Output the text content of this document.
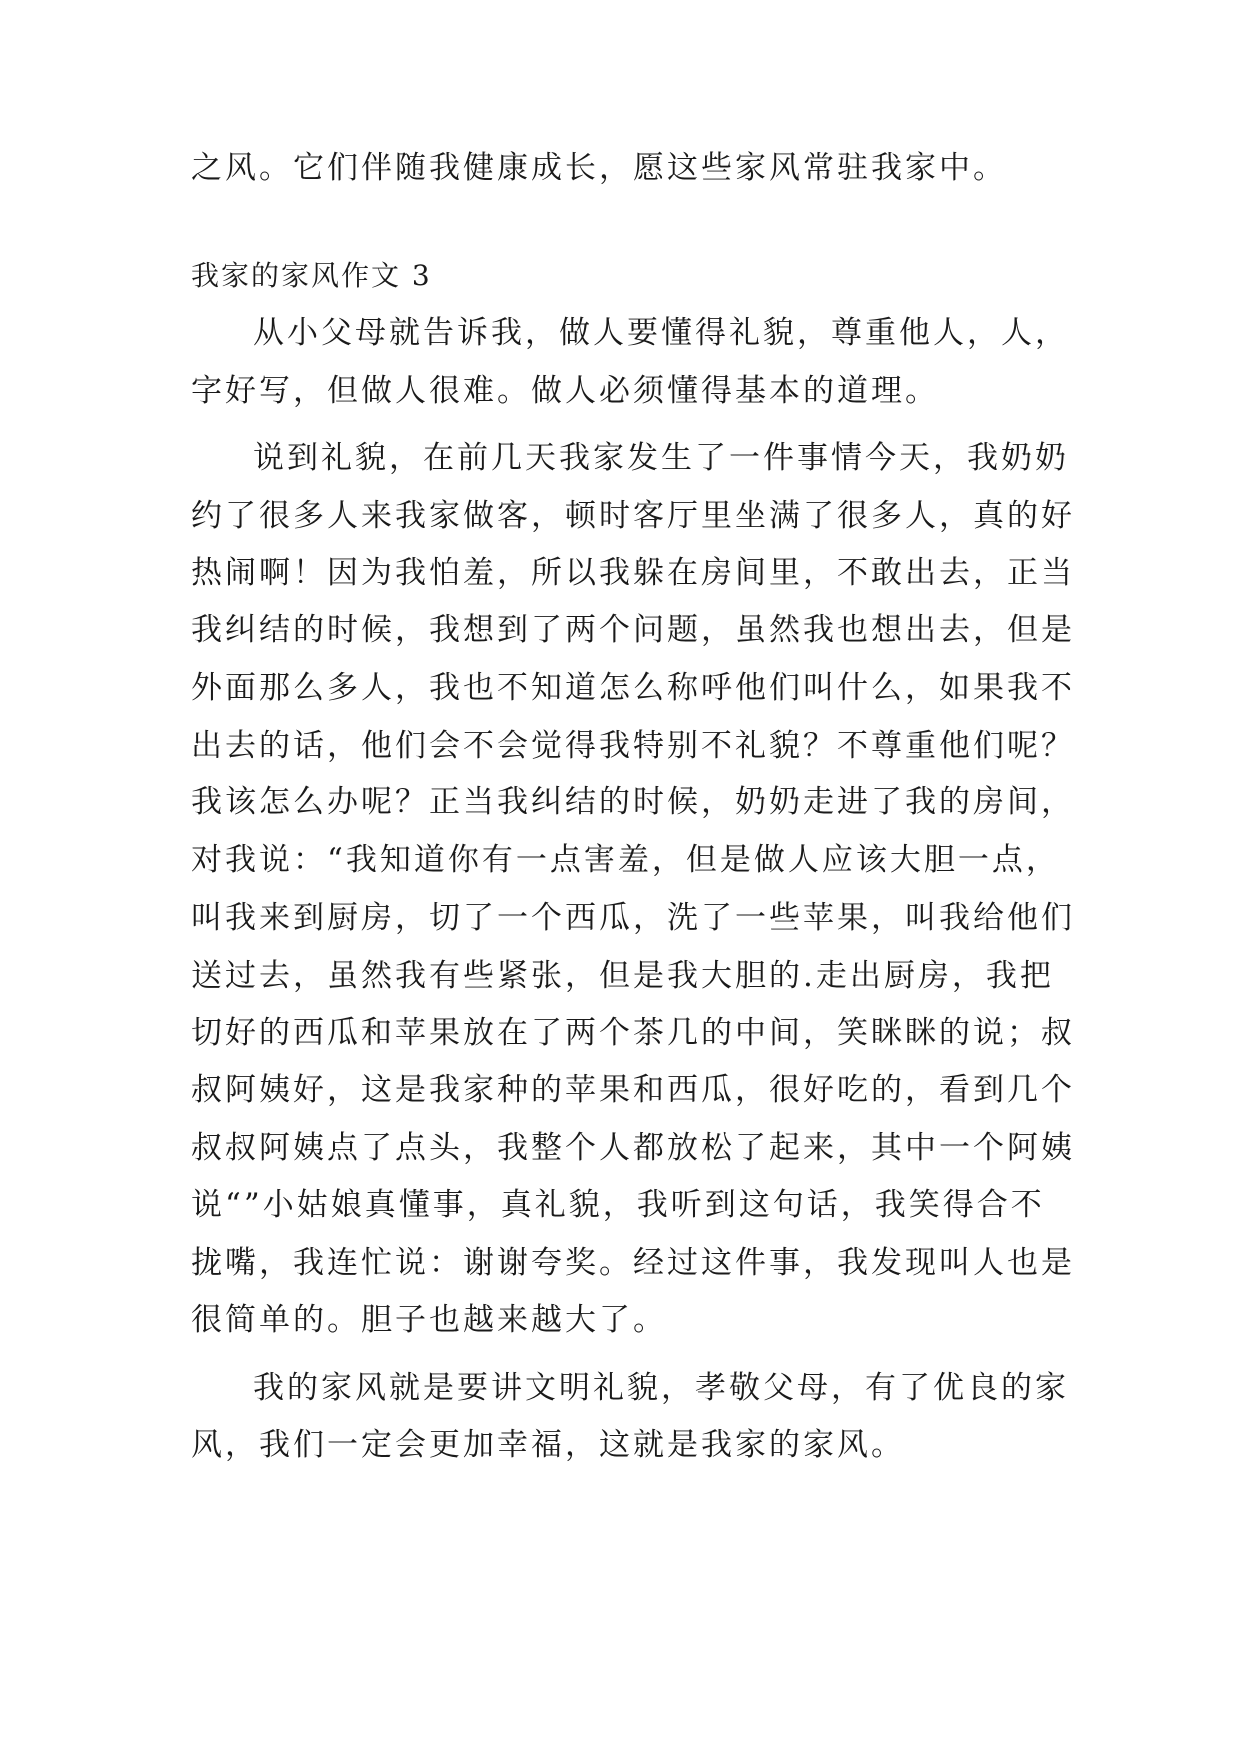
之风。它们伴随我健康成长，愿这些家风常驻我家中。
我家的家风作文 3
从小父母就告诉我，做人要懂得礼貌，尊重他人，人，
字好写，但做人很难。做人必须懂得基本的道理。
说到礼貌，在前几天我家发生了一件事情今天，我奶奶
约了很多人来我家做客，顿时客厅里坐满了很多人，真的好
热闹啊！因为我怕羞，所以我躲在房间里，不敢出去，正当
我纠结的时候，我想到了两个问题，虽然我也想出去，但是
外面那么多人，我也不知道怎么称呼他们叫什么，如果我不
出去的话，他们会不会觉得我特别不礼貌？不尊重他们呢？
我该怎么办呢？正当我纠结的时候，奶奶走进了我的房间，
对我说：“我知道你有一点害羞，但是做人应该大胆一点，
叫我来到厨房，切了一个西瓜，洗了一些苹果，叫我给他们
送过去，虽然我有些紧张，但是我大胆的.走出厨房，我把
切好的西瓜和苹果放在了两个茶几的中间，笑眯眯的说；叔
叔阿姨好，这是我家种的苹果和西瓜，很好吃的，看到几个
叔叔阿姨点了点头，我整个人都放松了起来，其中一个阿姨
说“”小姑娘真懂事，真礼貌，我听到这句话，我笑得合不
拢嘴，我连忙说：谢谢夸奖。经过这件事，我发现叫人也是
很简单的。胆子也越来越大了。
我的家风就是要讲文明礼貌，孝敬父母，有了优良的家
风，我们一定会更加幸福，这就是我家的家风。
